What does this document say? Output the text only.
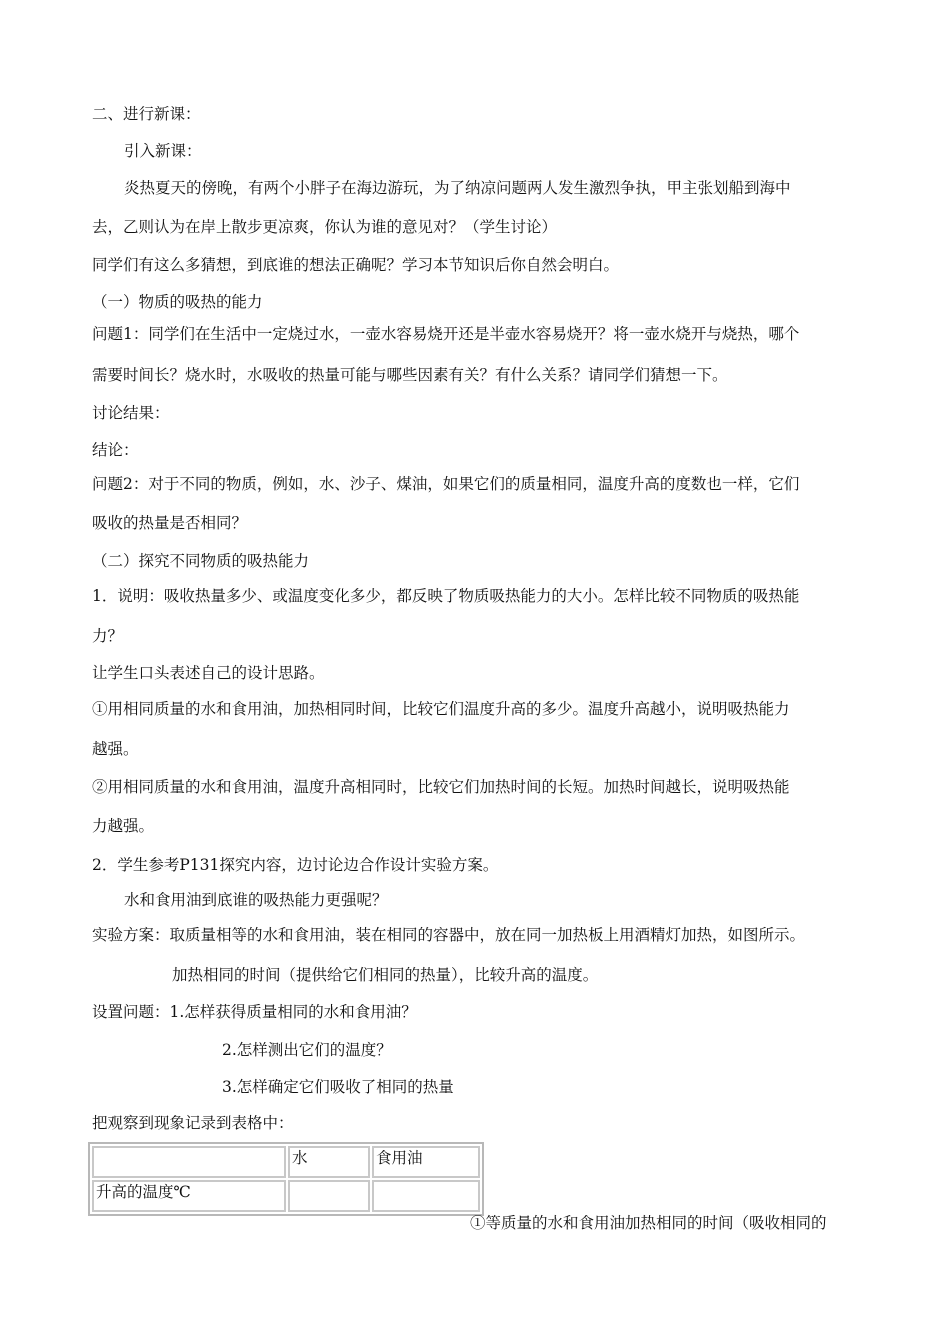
二、进行新课：
引入新课：
炎热夏天的傍晚，有两个小胖子在海边游玩，为了纳凉问题两人发生激烈争执，甲主张划船到海中
去，乙则认为在岸上散步更凉爽，你认为谁的意见对？（学生讨论）
同学们有这么多猜想，到底谁的想法正确呢？学习本节知识后你自然会明白。
（一）物质的吸热的能力
问题1：同学们在生活中一定烧过水，一壶水容易烧开还是半壶水容易烧开？将一壶水烧开与烧热，哪个
需要时间长？烧水时，水吸收的热量可能与哪些因素有关？有什么关系？请同学们猜想一下。
讨论结果：
结论：
问题2：对于不同的物质，例如，水、沙子、煤油，如果它们的质量相同，温度升高的度数也一样，它们
吸收的热量是否相同？
（二）探究不同物质的吸热能力
1．说明：吸收热量多少、或温度变化多少，都反映了物质吸热能力的大小。怎样比较不同物质的吸热能
力？
让学生口头表述自己的设计思路。
①用相同质量的水和食用油，加热相同时间，比较它们温度升高的多少。温度升高越小，说明吸热能力
越强。
②用相同质量的水和食用油，温度升高相同时，比较它们加热时间的长短。加热时间越长，说明吸热能
力越强。
2．学生参考P131探究内容，边讨论边合作设计实验方案。
水和食用油到底谁的吸热能力更强呢？
实验方案：取质量相等的水和食用油，装在相同的容器中，放在同一加热板上用酒精灯加热，如图所示。
加热相同的时间（提供给它们相同的热量），比较升高的温度。
设置问题：1.怎样获得质量相同的水和食用油？
2.怎样测出它们的温度？
3.怎样确定它们吸收了相同的热量
把观察到现象记录到表格中：
	水	食用油
升高的温度℃		
①等质量的水和食用油加热相同的时间（吸收相同的
